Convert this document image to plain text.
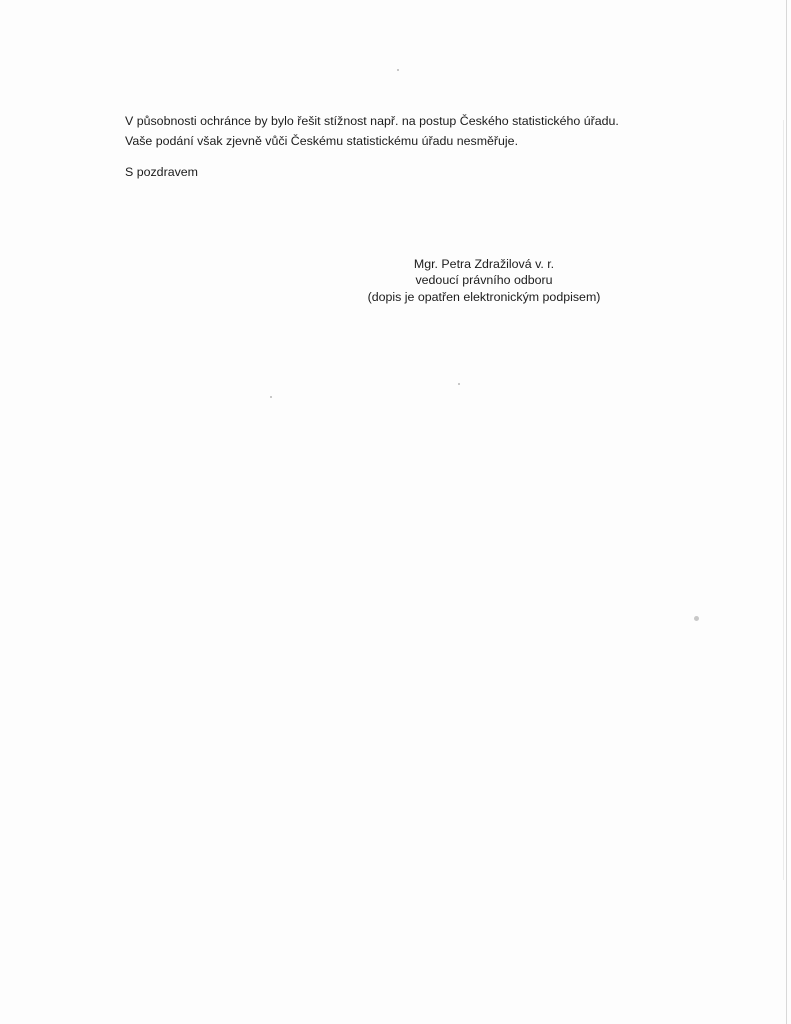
V působnosti ochránce by bylo řešit stížnost např. na postup Českého statistického úřadu.
Vaše podání však zjevně vůči Českému statistickému úřadu nesměřuje.
S pozdravem
Mgr. Petra Zdražilová v. r.
vedoucí právního odboru
(dopis je opatřen elektronickým podpisem)
